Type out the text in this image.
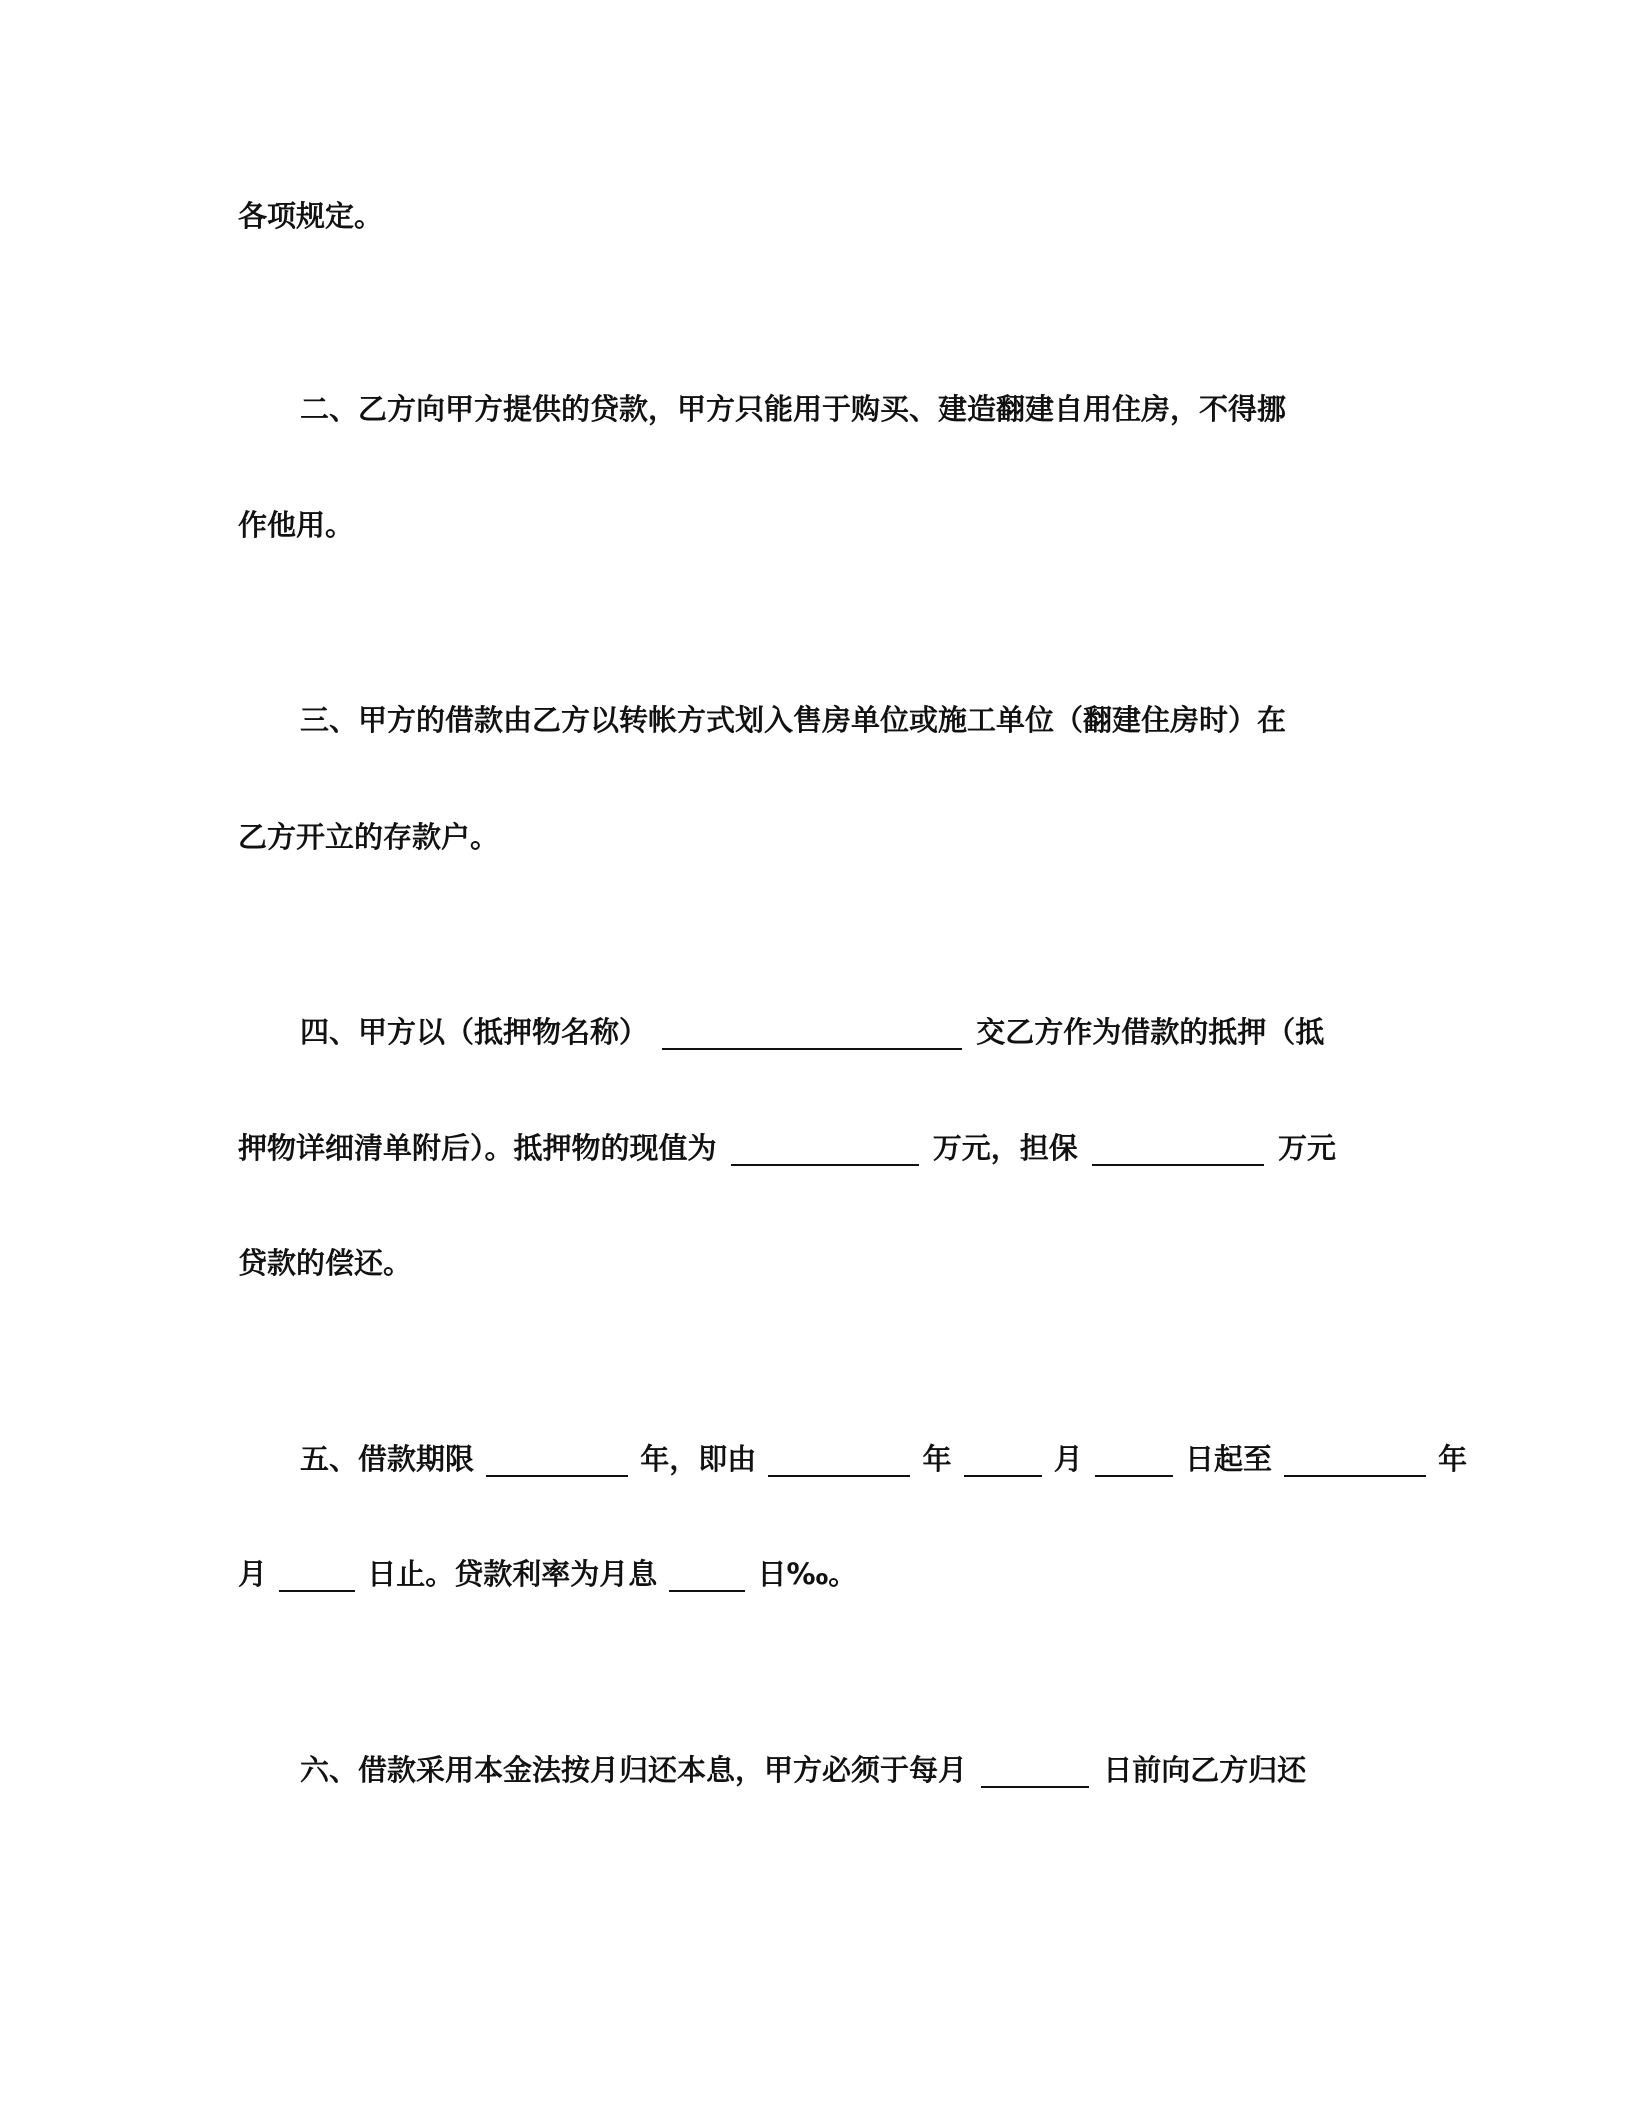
各项规定。
二、乙方向甲方提供的贷款，甲方只能用于购买、建造翻建自用住房，不得挪
作他用。
三、甲方的借款由乙方以转帐方式划入售房单位或施工单位（翻建住房时）在
乙方开立的存款户。
四、甲方以（抵押物名称）	交乙方作为借款的抵押（抵
押物详细清单附后）。抵押物的现值为	万元，担保	万元
贷款的偿还。
五、借款期限	年，即由	年	月	日起至	年
月	日止。贷款利率为月息	日‰。
六、借款采用本金法按月归还本息，甲方必须于每月	日前向乙方归还
